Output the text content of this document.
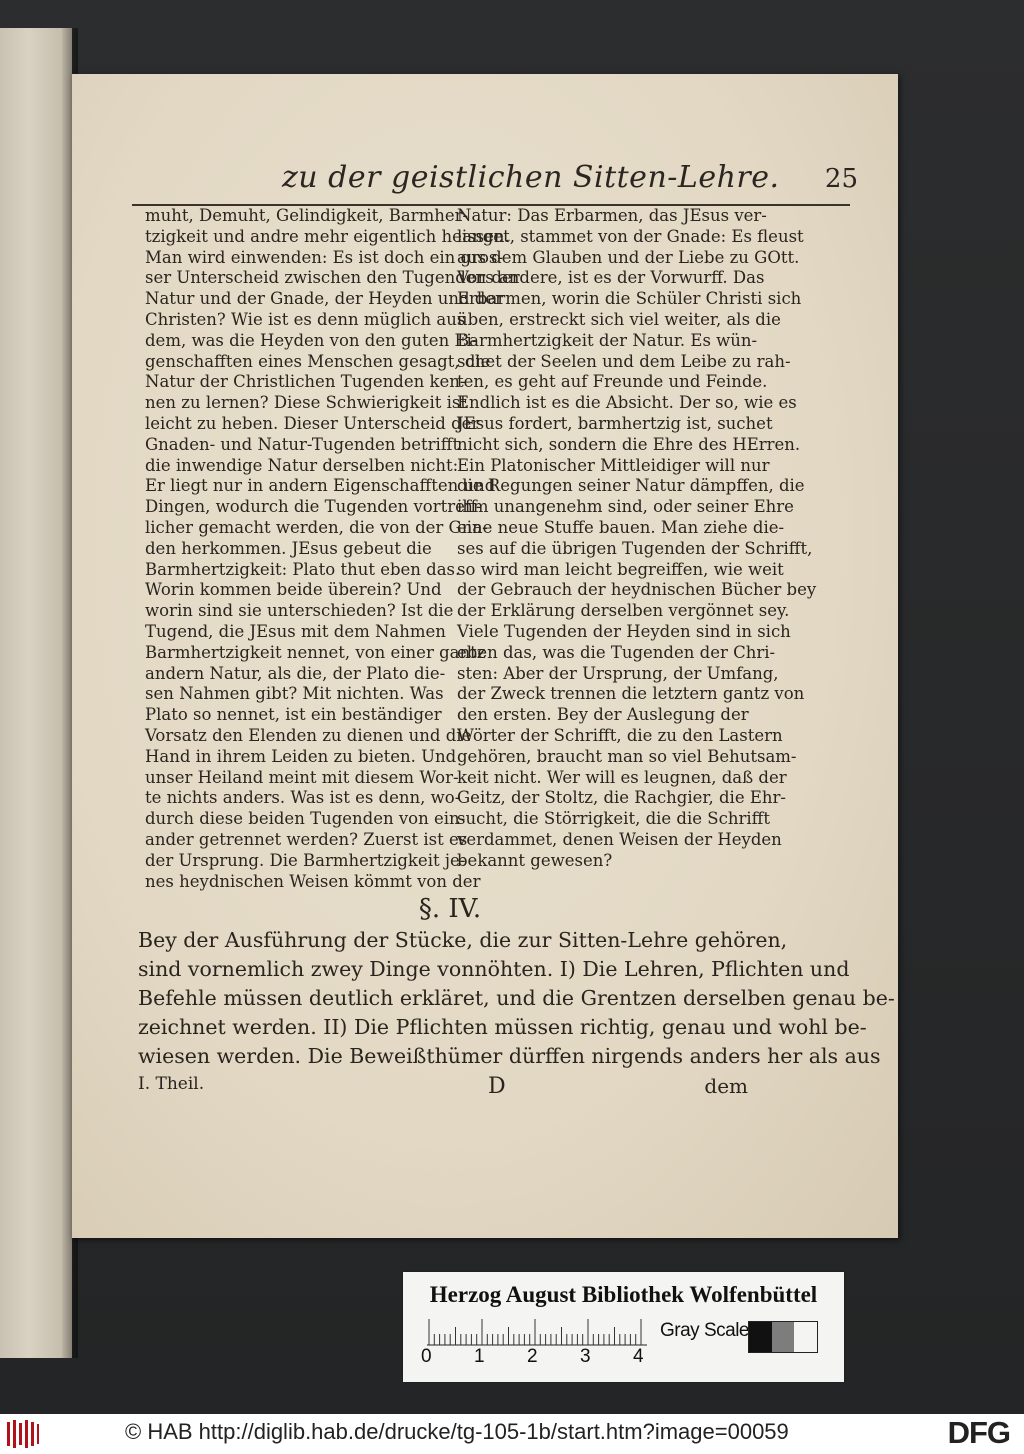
zu der geistlichen Sitten-Lehre. 25
muht, Demuht, Gelindigkeit, Barmher-
tzigkeit und andre mehr eigentlich heissen.
Man wird einwenden: Es ist doch ein gros-
ser Unterscheid zwischen den Tugenden der
Natur und der Gnade, der Heyden und der
Christen? Wie ist es denn müglich aus
dem, was die Heyden von den guten Ei-
genschafften eines Menschen gesagt, die
Natur der Christlichen Tugenden ken-
nen zu lernen? Diese Schwierigkeit ist
leicht zu heben. Dieser Unterscheid der
Gnaden- und Natur-Tugenden betrifft
die inwendige Natur derselben nicht:
Er liegt nur in andern Eigenschafften und
Dingen, wodurch die Tugenden vortreff-
licher gemacht werden, die von der Gna-
den herkommen. JEsus gebeut die
Barmhertzigkeit: Plato thut eben das.
Worin kommen beide überein? Und
worin sind sie unterschieden? Ist die
Tugend, die JEsus mit dem Nahmen
Barmhertzigkeit nennet, von einer gantz
andern Natur, als die, der Plato die-
sen Nahmen gibt? Mit nichten. Was
Plato so nennet, ist ein beständiger
Vorsatz den Elenden zu dienen und die
Hand in ihrem Leiden zu bieten. Und
unser Heiland meint mit diesem Wor-
te nichts anders. Was ist es denn, wo-
durch diese beiden Tugenden von ein-
ander getrennet werden? Zuerst ist es
der Ursprung. Die Barmhertzigkeit je-
nes heydnischen Weisen kömmt von der
Natur: Das Erbarmen, das JEsus ver-
langet, stammet von der Gnade: Es fleust
aus dem Glauben und der Liebe zu GOtt.
Vors andere, ist es der Vorwurff. Das
Erbarmen, worin die Schüler Christi sich
üben, erstreckt sich viel weiter, als die
Barmhertzigkeit der Natur. Es wün-
schet der Seelen und dem Leibe zu rah-
ten, es geht auf Freunde und Feinde.
Endlich ist es die Absicht. Der so, wie es
JEsus fordert, barmhertzig ist, suchet
nicht sich, sondern die Ehre des HErren.
Ein Platonischer Mittleidiger will nur
die Regungen seiner Natur dämpffen, die
ihm unangenehm sind, oder seiner Ehre
eine neue Stuffe bauen. Man ziehe die-
ses auf die übrigen Tugenden der Schrifft,
so wird man leicht begreiffen, wie weit
der Gebrauch der heydnischen Bücher bey
der Erklärung derselben vergönnet sey.
Viele Tugenden der Heyden sind in sich
eben das, was die Tugenden der Chri-
sten: Aber der Ursprung, der Umfang,
der Zweck trennen die letztern gantz von
den ersten. Bey der Auslegung der
Wörter der Schrifft, die zu den Lastern
gehören, braucht man so viel Behutsam-
keit nicht. Wer will es leugnen, daß der
Geitz, der Stoltz, die Rachgier, die Ehr-
sucht, die Störrigkeit, die die Schrifft
verdammet, denen Weisen der Heyden
bekannt gewesen?
§. IV.
Bey der Ausführung der Stücke, die zur Sitten-Lehre gehören,
sind vornemlich zwey Dinge vonnöhten. I) Die Lehren, Pflichten und
Befehle müssen deutlich erkläret, und die Grentzen derselben genau be-
zeichnet werden. II) Die Pflichten müssen richtig, genau und wohl be-
wiesen werden. Die Beweißthümer dürffen nirgends anders her als aus
I. Theil.	D	dem
Herzog August Bibliothek Wolfenbüttel
0 1 2 3 4
Gray Scale
© HAB http://diglib.hab.de/drucke/tg-105-1b/start.htm?image=00059	DFG
